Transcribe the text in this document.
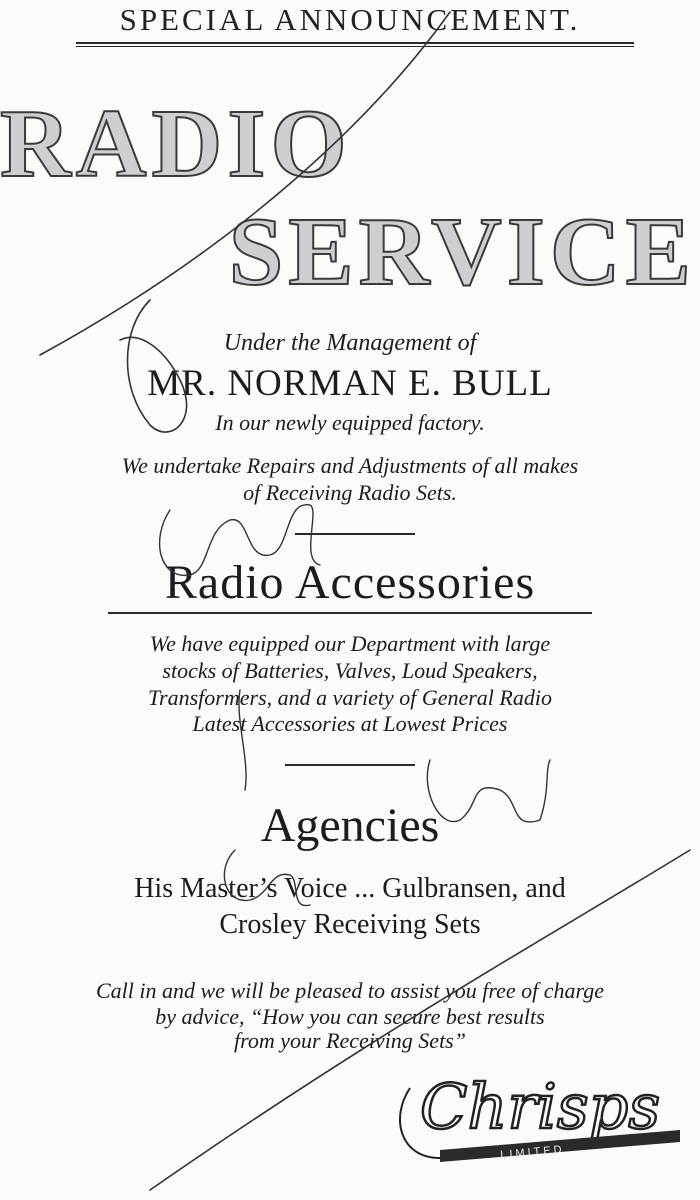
SPECIAL ANNOUNCEMENT.
RADIO
SERVICE
Under the Management of
MR. NORMAN E. BULL
In our newly equipped factory.
We undertake Repairs and Adjustments of all makes
of Receiving Radio Sets.
Radio Accessories
We have equipped our Department with large
stocks of Batteries, Valves, Loud Speakers,
Transformers, and a variety of General Radio
Latest Accessories at Lowest Prices
Agencies
His Master’s Voice ... Gulbransen, and
Crosley Receiving Sets
Call in and we will be pleased to assist you free of charge
by advice, “How you can secure best results
from your Receiving Sets”
Chrisps
LIMITED
